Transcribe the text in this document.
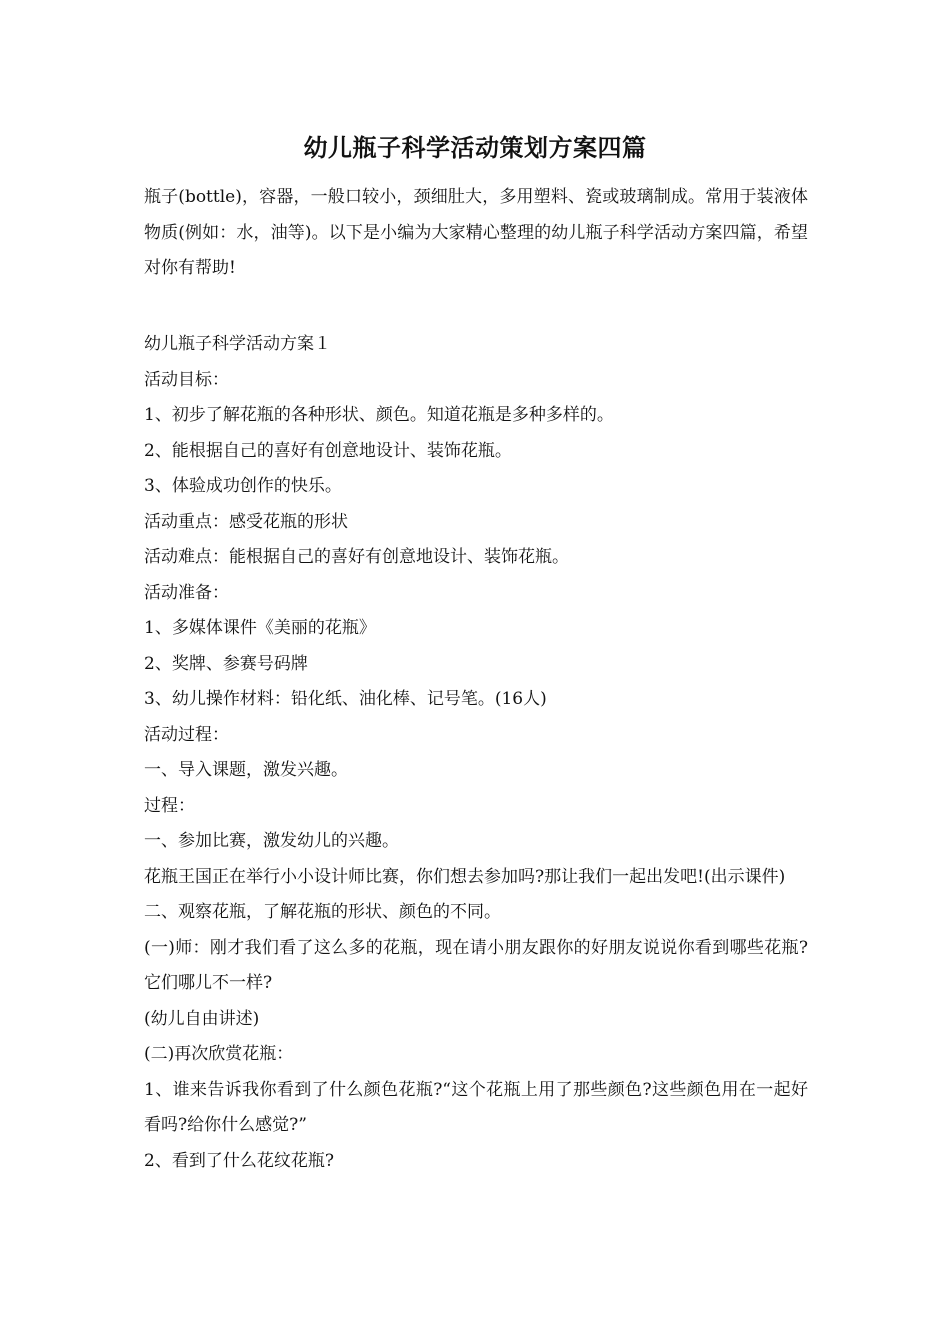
幼儿瓶子科学活动策划方案四篇
瓶子(bottle)，容器，一般口较小，颈细肚大，多用塑料、瓷或玻璃制成。常用于装液体物质(例如：水，油等)。以下是小编为大家精心整理的幼儿瓶子科学活动方案四篇，希望对你有帮助!
幼儿瓶子科学活动方案１
活动目标：
1、初步了解花瓶的各种形状、颜色。知道花瓶是多种多样的。
2、能根据自己的喜好有创意地设计、装饰花瓶。
3、体验成功创作的快乐。
活动重点：感受花瓶的形状
活动难点：能根据自己的喜好有创意地设计、装饰花瓶。
活动准备：
1、多媒体课件《美丽的花瓶》
2、奖牌、参赛号码牌
3、幼儿操作材料：铅化纸、油化棒、记号笔。(16人)
活动过程：
一、导入课题，激发兴趣。
过程：
一、参加比赛，激发幼儿的兴趣。
花瓶王国正在举行小小设计师比赛，你们想去参加吗?那让我们一起出发吧!(出示课件)
二、观察花瓶，了解花瓶的形状、颜色的不同。
(一)师：刚才我们看了这么多的花瓶，现在请小朋友跟你的好朋友说说你看到哪些花瓶?它们哪儿不一样?
(幼儿自由讲述)
(二)再次欣赏花瓶：
1、谁来告诉我你看到了什么颜色花瓶?“这个花瓶上用了那些颜色?这些颜色用在一起好看吗?给你什么感觉?”
2、看到了什么花纹花瓶?
